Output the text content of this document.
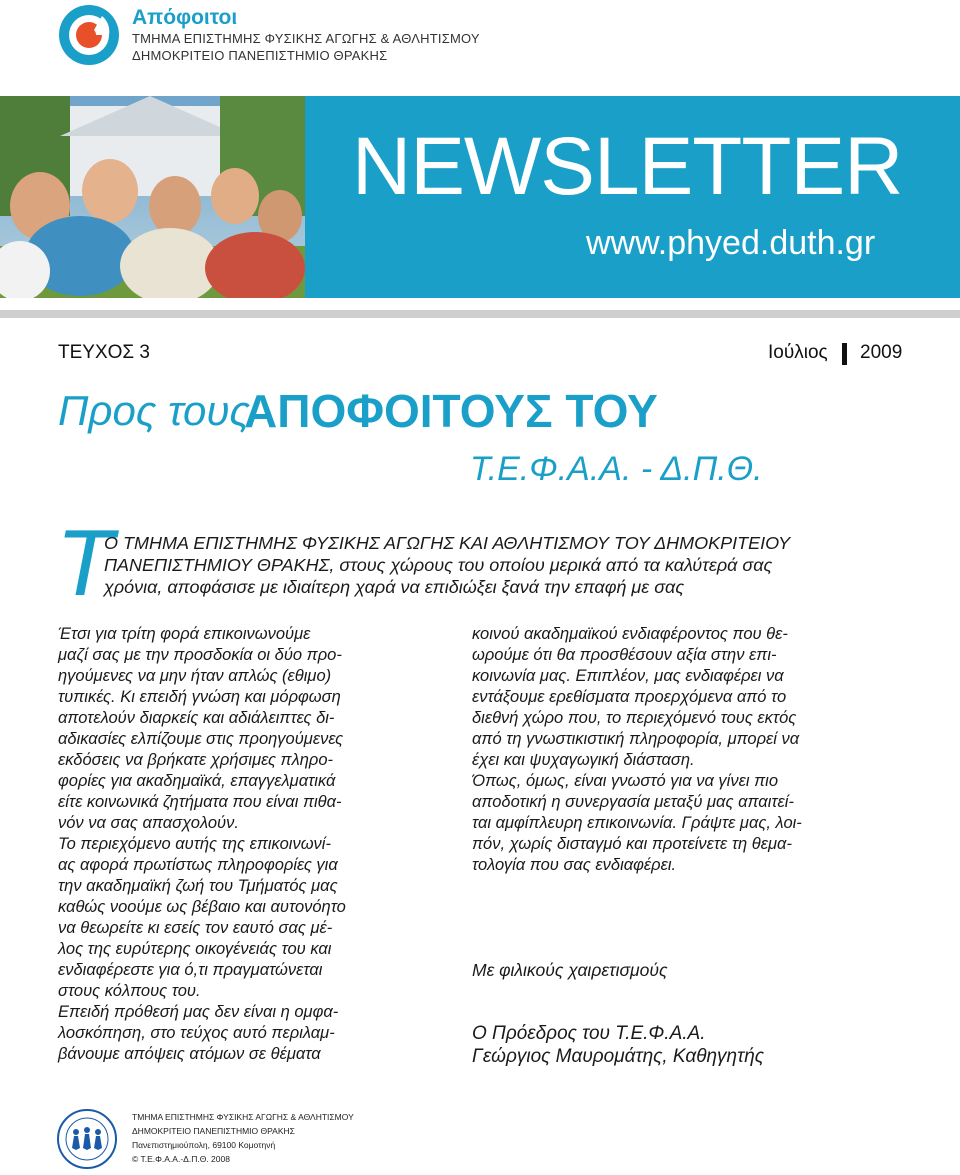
Απόφοιτοι
ΤΜΗΜΑ ΕΠΙΣΤΗΜΗΣ ΦΥΣΙΚΗΣ ΑΓΩΓΗΣ & ΑΘΛΗΤΙΣΜΟΥ
ΔΗΜΟΚΡΙΤΕΙΟ ΠΑΝΕΠΙΣΤΗΜΙΟ ΘΡΑΚΗΣ
NEWSLETTER
www.phyed.duth.gr
ΤΕΥΧΟΣ 3	Ιούλιος 2009
Προς τους
ΑΠΟΦΟΙΤΟΥΣ ΤΟΥ
Τ.Ε.Φ.Α.Α. - Δ.Π.Θ.
Τ
Ο ΤΜΗΜΑ ΕΠΙΣΤΗΜΗΣ ΦΥΣΙΚΗΣ ΑΓΩΓΗΣ ΚΑΙ ΑΘΛΗΤΙΣΜΟΥ ΤΟΥ ΔΗΜΟΚΡΙΤΕΙΟΥ
ΠΑΝΕΠΙΣΤΗΜΙΟΥ ΘΡΑΚΗΣ, στους χώρους του οποίου μερικά από τα καλύτερά σας
χρόνια, αποφάσισε με ιδιαίτερη χαρά να επιδιώξει ξανά την επαφή με σας
Έτσι για τρίτη φορά επικοινωνούμε
μαζί σας με την προσδοκία οι δύο προ-
ηγούμενες να μην ήταν απλώς (εθιμο)
τυπικές. Κι επειδή γνώση και μόρφωση
αποτελούν διαρκείς και αδιάλειπτες δι-
αδικασίες ελπίζουμε στις προηγούμενες
εκδόσεις να βρήκατε χρήσιμες πληρο-
φορίες για ακαδημαϊκά, επαγγελματικά
είτε κοινωνικά ζητήματα που είναι πιθα-
νόν να σας απασχολούν.
Το περιεχόμενο αυτής της επικοινωνί-
ας αφορά πρωτίστως πληροφορίες για
την ακαδημαϊκή ζωή του Τμήματός μας
καθώς νοούμε ως βέβαιο και αυτονόητο
να θεωρείτε κι εσείς τον εαυτό σας μέ-
λος της ευρύτερης οικογένειάς του και
ενδιαφέρεστε για ό,τι πραγματώνεται
στους κόλπους του.
Επειδή πρόθεσή μας δεν είναι η ομφα-
λοσκόπηση, στο τεύχος αυτό περιλαμ-
βάνουμε απόψεις ατόμων σε θέματα
κοινού ακαδημαϊκού ενδιαφέροντος που θε-
ωρούμε ότι θα προσθέσουν αξία στην επι-
κοινωνία μας. Επιπλέον, μας ενδιαφέρει να
εντάξουμε ερεθίσματα προερχόμενα από το
διεθνή χώρο που, το περιεχόμενό τους εκτός
από τη γνωστικιστική πληροφορία, μπορεί να
έχει και ψυχαγωγική διάσταση.
Όπως, όμως, είναι γνωστό για να γίνει πιο
αποδοτική η συνεργασία μεταξύ μας απαιτεί-
ται αμφίπλευρη επικοινωνία. Γράψτε μας, λοι-
πόν, χωρίς δισταγμό και προτείνετε τη θεμα-
τολογία που σας ενδιαφέρει.
Με φιλικούς χαιρετισμούς
Ο Πρόεδρος του Τ.Ε.Φ.Α.Α.
Γεώργιος Μαυρομάτης, Καθηγητής
ΤΜΗΜΑ ΕΠΙΣΤΗΜΗΣ ΦΥΣΙΚΗΣ ΑΓΩΓΗΣ & ΑΘΛΗΤΙΣΜΟΥ
ΔΗΜΟΚΡΙΤΕΙΟ ΠΑΝΕΠΙΣΤΗΜΙΟ ΘΡΑΚΗΣ
Πανεπιστημιούπολη, 69100 Κομοτηνή
© Τ.Ε.Φ.Α.Α.-Δ.Π.Θ. 2008
